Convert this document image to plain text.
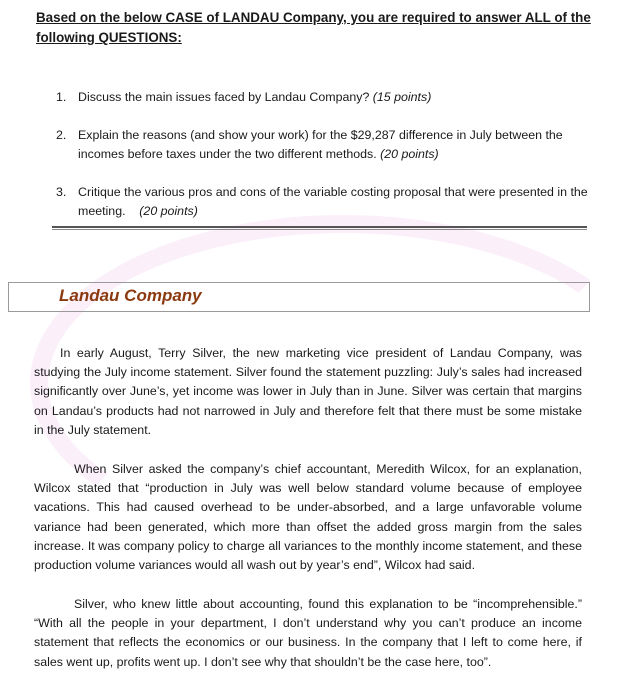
Based on the below CASE of LANDAU Company, you are required to answer ALL of the following QUESTIONS:
1. Discuss the main issues faced by Landau Company? (15 points)
2. Explain the reasons (and show your work) for the $29,287 difference in July between the incomes before taxes under the two different methods. (20 points)
3. Critique the various pros and cons of the variable costing proposal that were presented in the meeting.    (20 points)
Landau Company

In early August, Terry Silver, the new marketing vice president of Landau Company, was studying the July income statement. Silver found the statement puzzling: July’s sales had increased significantly over June’s, yet income was lower in July than in June. Silver was certain that margins on Landau’s products had not narrowed in July and therefore felt that there must be some mistake in the July statement.

When Silver asked the company’s chief accountant, Meredith Wilcox, for an explanation, Wilcox stated that “production in July was well below standard volume because of employee vacations. This had caused overhead to be under-absorbed, and a large unfavorable volume variance had been generated, which more than offset the added gross margin from the sales increase. It was company policy to charge all variances to the monthly income statement, and these production volume variances would all wash out by year’s end”, Wilcox had said.

Silver, who knew little about accounting, found this explanation to be “incomprehensible.” “With all the people in your department, I don’t understand why you can’t produce an income statement that reflects the economics or our business. In the company that I left to come here, if sales went up, profits went up. I don’t see why that shouldn’t be the case here, too”.
